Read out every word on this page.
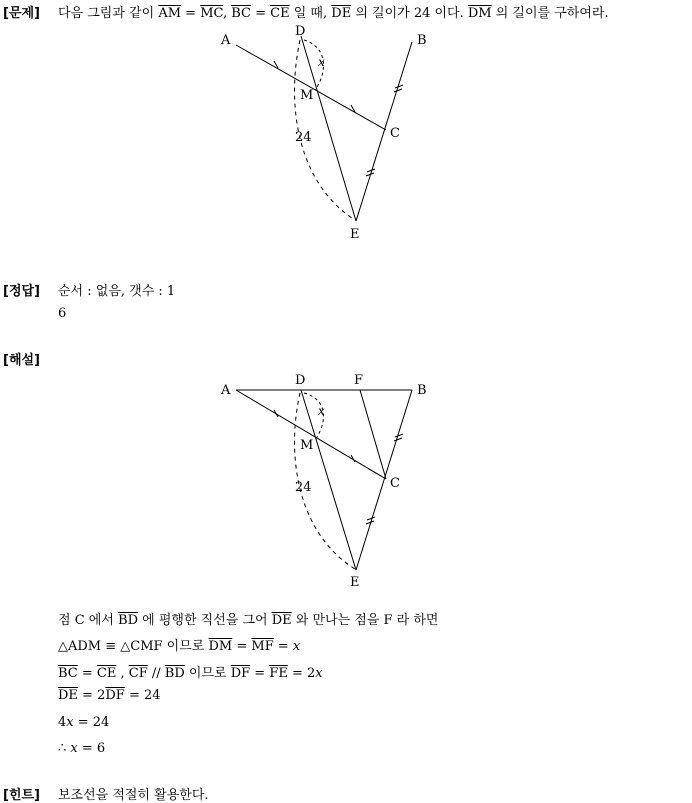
[문제] 다음 그림과 같이 $\overline{AM} = \overline{MC}$, $\overline{BC} = \overline{CE}$ 일 때, $\overline{DE}$ 의 길이가 24 이다. $\overline{DM}$ 의 길이를 구하여라.
A
D
B
x
M
C
24
E
[정답] 순서 : 없음, 갯수 : 1
6
[해설]
A
D	F
B
x
M
C
24
E
점 C 에서 $\overline{BD}$ 에 평행한 직선을 그어 $\overline{DE}$ 와 만나는 점을 F 라 하면
△ADM ≡ △CMF 이므로 $\overline{DM} = \overline{MF} = x$
$\overline{BC} = \overline{CE}$ , $\overline{CF} // \overline{BD}$ 이므로 $\overline{DF} = \overline{FE} = 2x$
$\overline{DE} = 2\overline{DF} = 24$
4x = 24
∴ x = 6
[힌트] 보조선을 적절히 활용한다.
